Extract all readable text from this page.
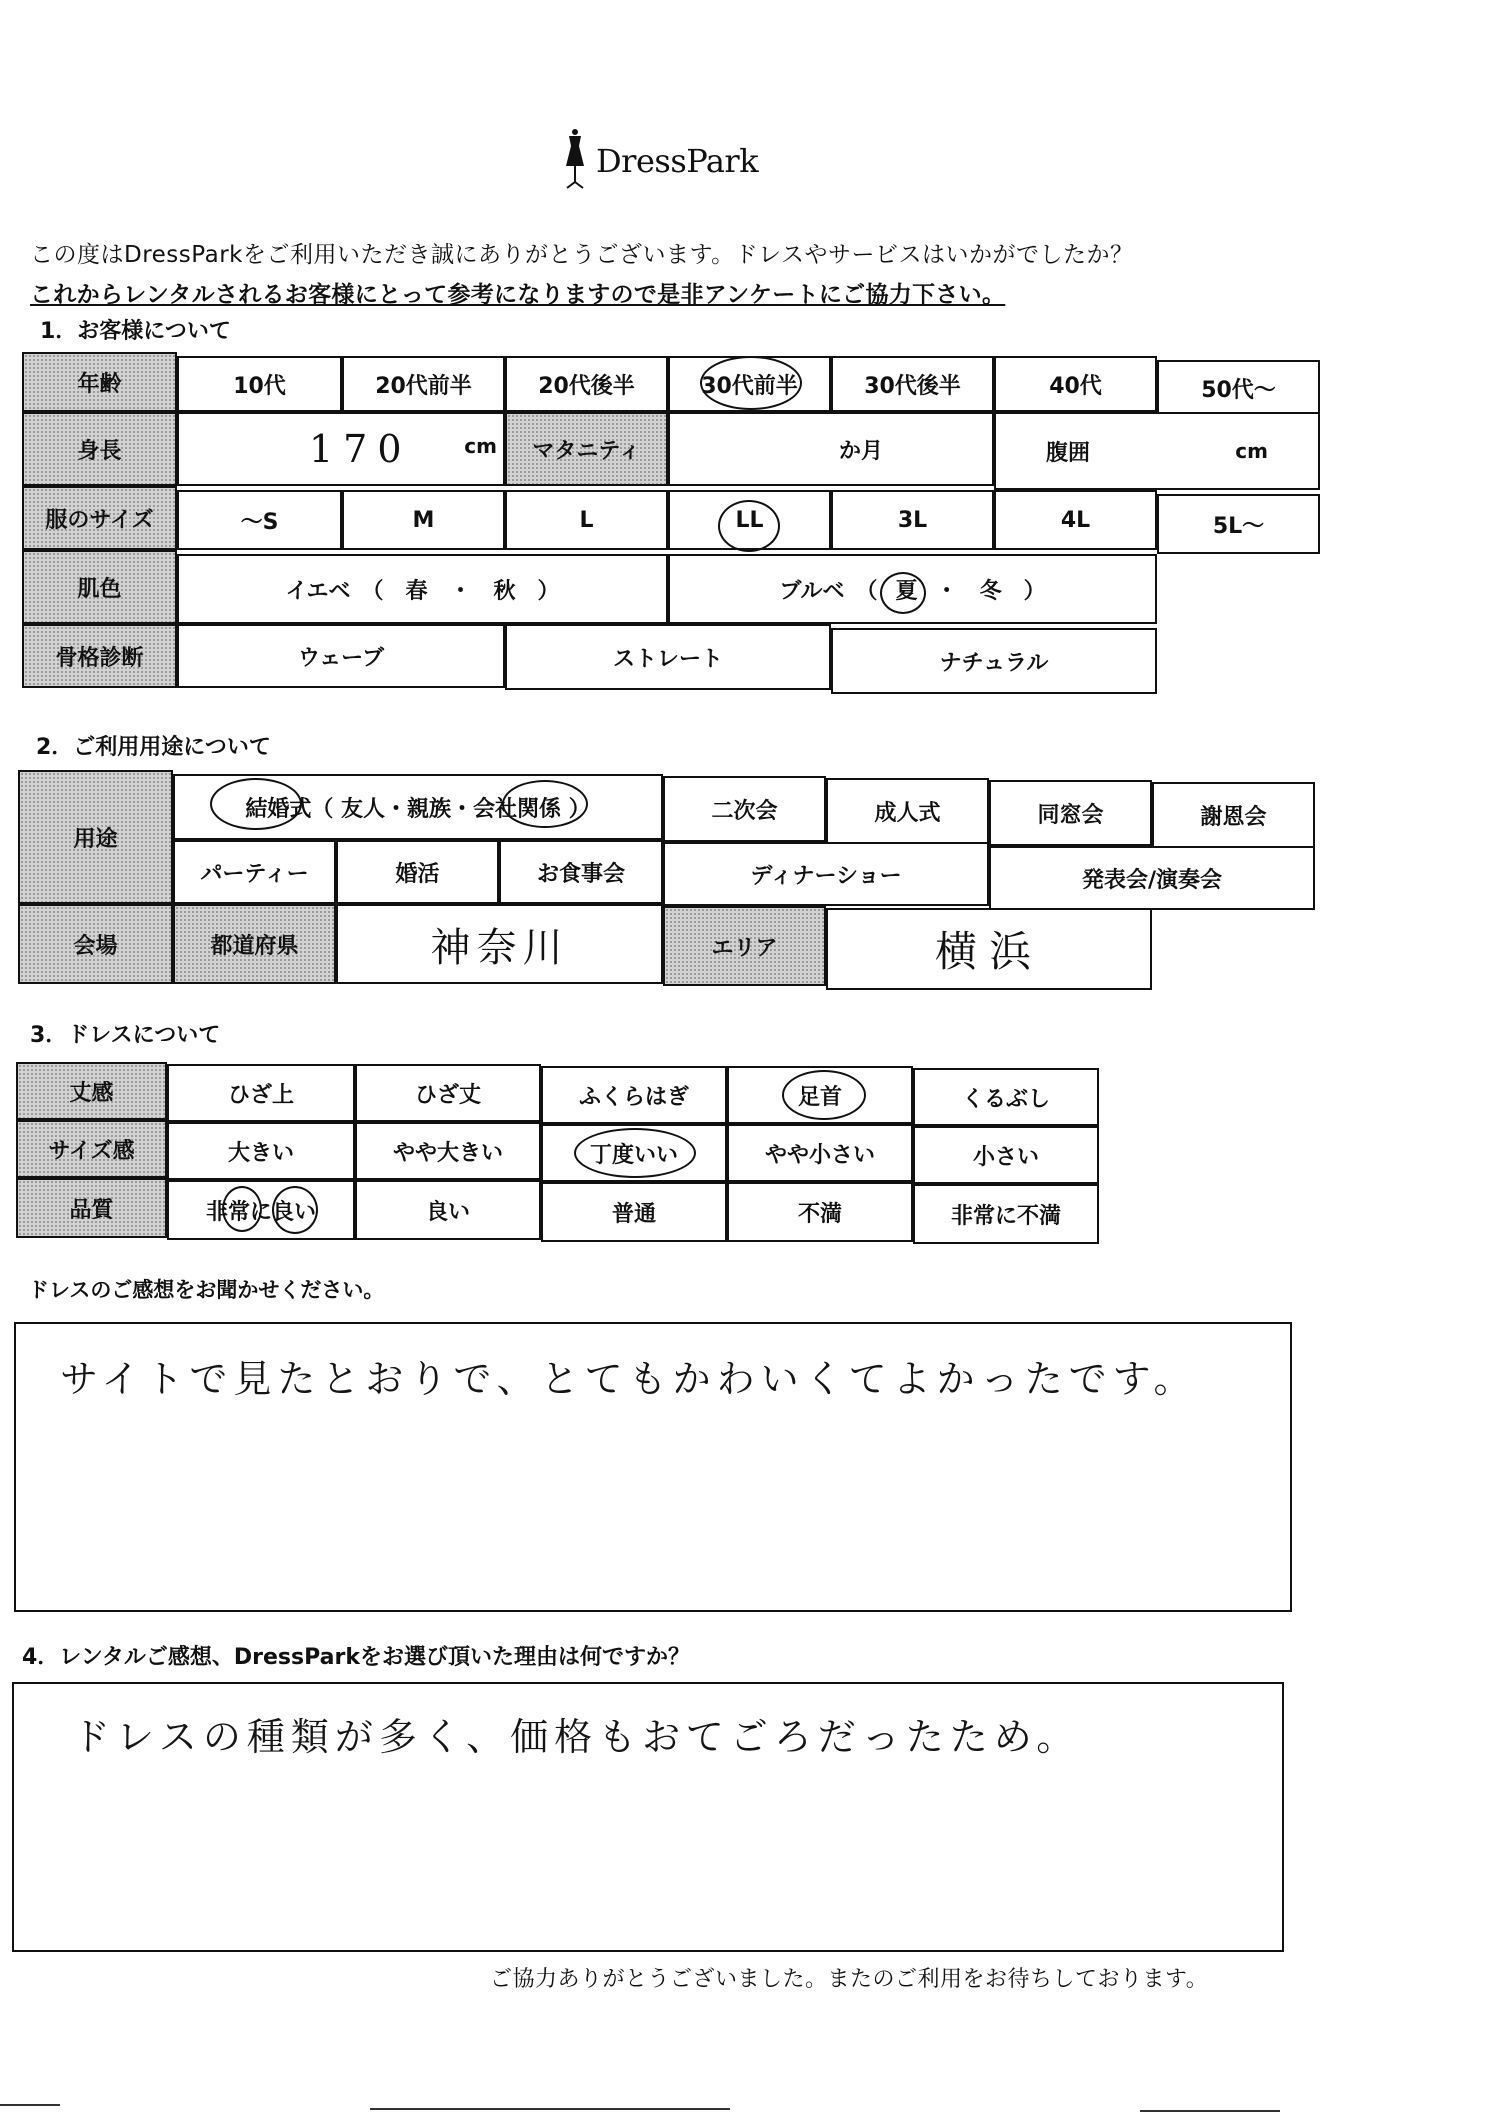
DressPark
この度はDressParkをご利用いただき誠にありがとうございます。ドレスやサービスはいかがでしたか？
これからレンタルされるお客様にとって参考になりますので是非アンケートにご協力下さい。
1．お客様について
年齢	10代	20代前半	20代後半	30代前半	30代後半	40代	50代～
身長	170	cm	マタニティ	か月	腹囲	cm
服のサイズ	～S	M	L	LL	3L	4L	5L～
肌色	イエベ　（　春　・　秋　）	ブルベ　（ 夏 ・　冬　）
骨格診断	ウェーブ	ストレート	ナチュラル
2．ご利用用途について
用途
結婚式（ 友人・親族・会社関係 ）	二次会	成人式	同窓会	謝恩会
パーティー	婚活	お食事会	ディナーショー	発表会/演奏会
会場	都道府県	神奈川	エリア	横浜
3．ドレスについて
丈感	ひざ上	ひざ丈	ふくらはぎ	足首	くるぶし
サイズ感	大きい	やや大きい	丁度いい	やや小さい	小さい
品質	非常に良い	良い	普通	不満	非常に不満
ドレスのご感想をお聞かせください。
サイトで見たとおりで、とてもかわいくてよかったです。
4．レンタルご感想、DressParkをお選び頂いた理由は何ですか？
ドレスの種類が多く、価格もおてごろだったため。
ご協力ありがとうございました。またのご利用をお待ちしております。
